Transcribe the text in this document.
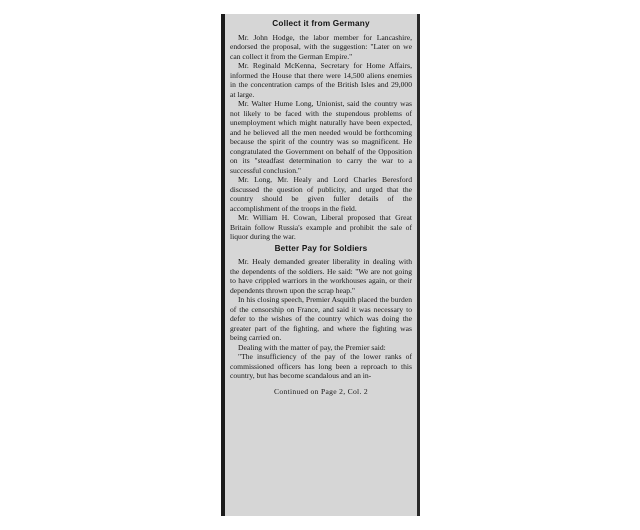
Collect it from Germany

Mr. John Hodge, the labor member for Lancashire, endorsed the proposal, with the suggestion: "Later on we can collect it from the German Empire."

Mr. Reginald McKenna, Secretary for Home Affairs, informed the House that there were 14,500 aliens enemies in the concentration camps of the British Isles and 29,000 at large.

Mr. Walter Hume Long, Unionist, said the country was not likely to be faced with the stupendous problems of unemployment which might naturally have been expected, and he believed all the men needed would be forthcoming because the spirit of the country was so magnificent. He congratulated the Government on behalf of the Opposition on its "steadfast determination to carry the war to a successful conclusion."

Mr. Long, Mr. Healy and Lord Charles Beresford discussed the question of publicity, and urged that the country should be given fuller details of the accomplishment of the troops in the field.

Mr. William H. Cowan, Liberal proposed that Great Britain follow Russia's example and prohibit the sale of liquor during the war.

Better Pay for Soldiers

Mr. Healy demanded greater liberality in dealing with the dependents of the soldiers. He said: "We are not going to have crippled warriors in the workhouses again, or their dependents thrown upon the scrap heap."

In his closing speech, Premier Asquith placed the burden of the censorship on France, and said it was necessary to defer to the wishes of the country which was doing the greater part of the fighting, and where the fighting was being carried on.

Dealing with the matter of pay, the Premier said:

"The insufficiency of the pay of the lower ranks of commissioned officers has long been a reproach to this country, but has become scandalous and an in-

Continued on Page 2, Col. 2
